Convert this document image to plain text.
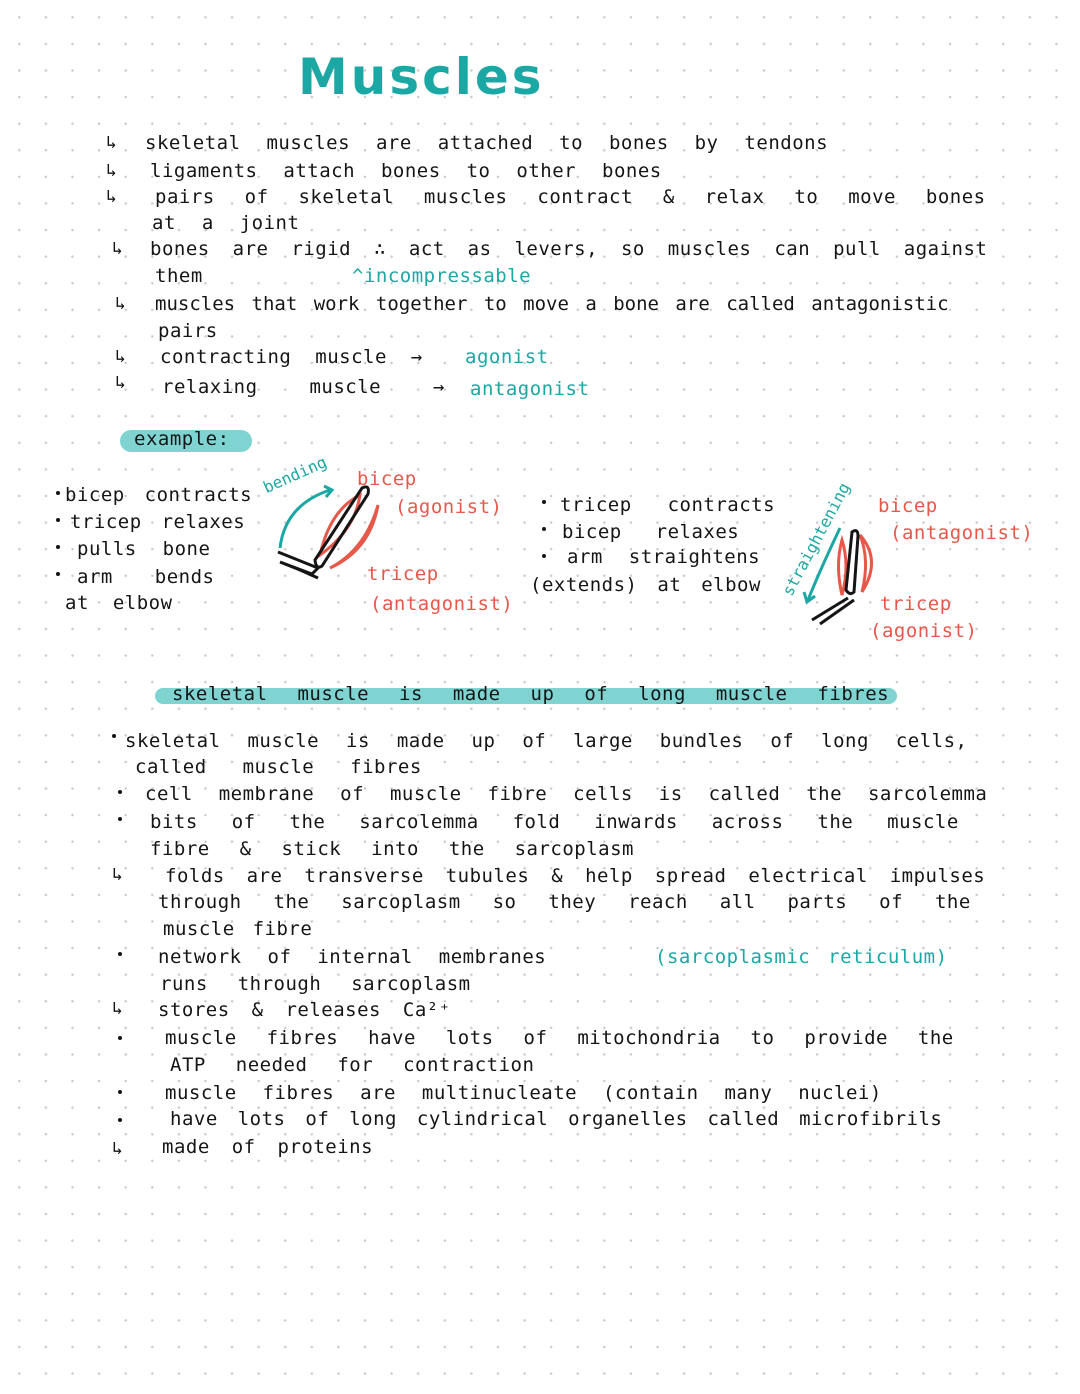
Muscles
↳
↳
↳
↳
↳
↳
↳
skeletal muscles are attached to bones by tendons
ligaments attach bones to other bones
pairs of skeletal muscles contract & relax to move bones
at a joint
bones are rigid ∴ act as levers, so muscles can pull against
them	^incompressable
muscles that work together to move a bone are called antagonistic
pairs
contracting muscle → agonist
relaxing muscle → antagonist
example:
bicep contracts
tricep relaxes
pulls bone
arm bends
at elbow
bending bicep
(agonist)
tricep
(antagonist)
tricep contracts
bicep relaxes
arm straightens
(extends) at elbow straightening bicep
(antagonist)
tricep
(agonist)
skeletal muscle is made up of long muscle fibres
↳
↳
↳
skeletal muscle is made up of large bundles of long cells,
called muscle fibres
cell membrane of muscle fibre cells is called the sarcolemma
bits of the sarcolemma fold inwards across the muscle
fibre & stick into the sarcoplasm
folds are transverse tubules & help spread electrical impulses
through the sarcoplasm so they reach all parts of the
muscle fibre
network of internal membranes	(sarcoplasmic reticulum)
runs through sarcoplasm
stores & releases Ca²⁺
muscle fibres have lots of mitochondria to provide the
ATP needed for contraction
muscle fibres are multinucleate (contain many nuclei)
have lots of long cylindrical organelles called microfibrils
made of proteins
